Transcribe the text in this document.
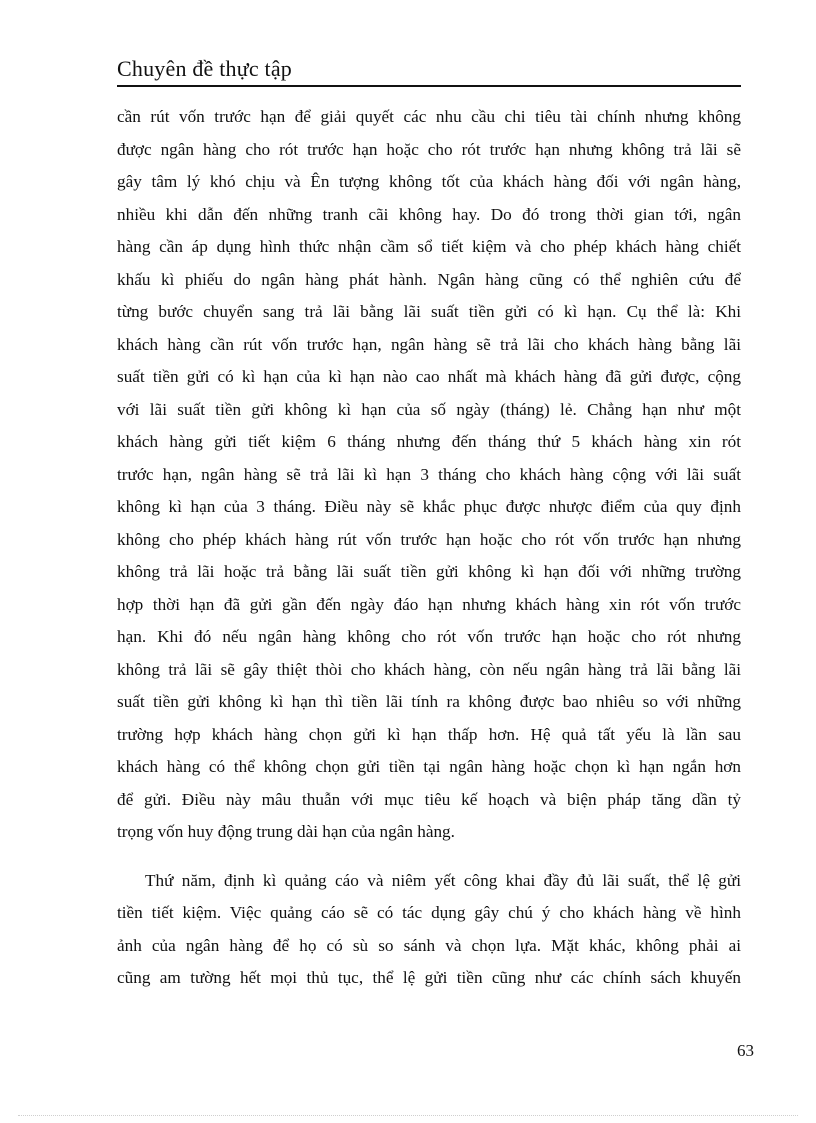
Chuyên đề thực tập
cần rút vốn trước hạn để giải quyết các nhu cầu chi tiêu tài chính nhưng không
được ngân hàng cho rót trước hạn hoặc cho rót trước hạn nhưng không trả lãi sẽ
gây tâm lý khó chịu và Ên tượng không tốt của khách hàng đối với ngân hàng,
nhiều khi dẫn đến những tranh cãi không hay. Do đó trong thời gian tới, ngân
hàng cần áp dụng hình thức nhận cầm sổ tiết kiệm và cho phép khách hàng chiết
khấu kì phiếu do ngân hàng phát hành. Ngân hàng cũng có thể nghiên cứu để
từng bước chuyển sang trả lãi bằng lãi suất tiền gửi có kì hạn. Cụ thể là: Khi
khách hàng cần rút vốn trước hạn, ngân hàng sẽ trả lãi cho khách hàng bằng lãi
suất tiền gửi có kì hạn của kì hạn nào cao nhất mà khách hàng đã gửi được, cộng
với lãi suất tiền gửi không kì hạn của số ngày (tháng) lẻ. Chẳng hạn như một
khách hàng gửi tiết kiệm 6 tháng nhưng đến tháng thứ 5 khách hàng xin rót
trước hạn, ngân hàng sẽ trả lãi kì hạn 3 tháng cho khách hàng cộng với lãi suất
không kì hạn của 3 tháng. Điều này sẽ khắc phục được nhược điểm của quy định
không cho phép khách hàng rút vốn trước hạn hoặc cho rót vốn trước hạn nhưng
không trả lãi hoặc trả bằng lãi suất tiền gửi không kì hạn đối với những trường
hợp thời hạn đã gửi gần đến ngày đáo hạn nhưng khách hàng xin rót vốn trước
hạn. Khi đó nếu ngân hàng không cho rót vốn trước hạn hoặc cho rót nhưng
không trả lãi sẽ gây thiệt thòi cho khách hàng, còn nếu ngân hàng trả lãi bằng lãi
suất tiền gửi không kì hạn thì tiền lãi tính ra không được bao nhiêu so với những
trường hợp khách hàng chọn gửi kì hạn thấp hơn. Hệ quả tất yếu là lần sau
khách hàng có thể không chọn gửi tiền tại ngân hàng hoặc chọn kì hạn ngắn hơn
để gửi. Điều này mâu thuẫn với mục tiêu kế hoạch và biện pháp tăng dần tỷ
trọng vốn huy động trung dài hạn của ngân hàng.
Thứ năm, định kì quảng cáo và niêm yết công khai đầy đủ lãi suất, thể lệ gửi
tiền tiết kiệm. Việc quảng cáo sẽ có tác dụng gây chú ý cho khách hàng về hình
ảnh của ngân hàng để họ có sù so sánh và chọn lựa. Mặt khác, không phải ai
cũng am tường hết mọi thủ tục, thể lệ gửi tiền cũng như các chính sách khuyến
63
